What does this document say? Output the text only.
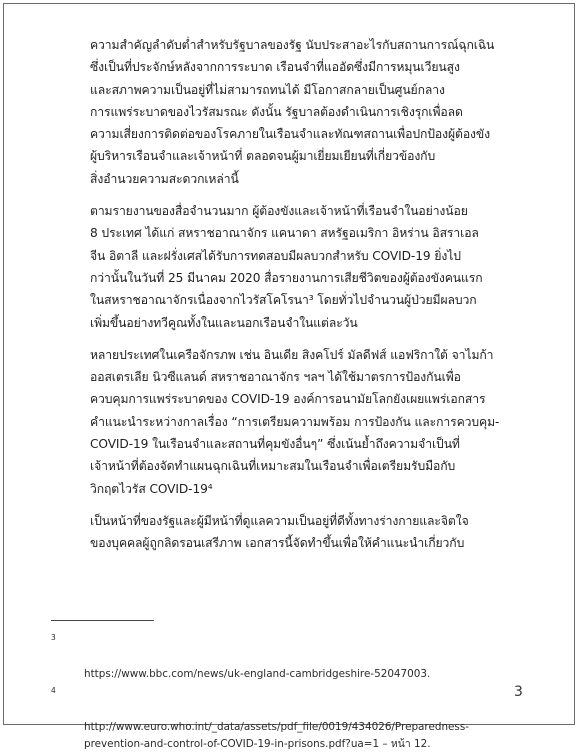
ความสำคัญลำดับต่ำสำหรับรัฐบาลของรัฐ นับประสาอะไรกับสถานการณ์ฉุกเฉิน
ซึ่งเป็นที่ประจักษ์หลังจากการระบาด เรือนจำที่แออัดซึ่งมีการหมุนเวียนสูง
และสภาพความเป็นอยู่ที่ไม่สามารถทนได้ มีโอกาสกลายเป็นศูนย์กลาง
การแพร่ระบาดของไวรัสมรณะ ดังนั้น รัฐบาลต้องดำเนินการเชิงรุกเพื่อลด
ความเสี่ยงการติดต่อของโรคภายในเรือนจำและทัณฑสถานเพื่อปกป้องผู้ต้องขัง
ผู้บริหารเรือนจำและเจ้าหน้าที่ ตลอดจนผู้มาเยี่ยมเยียนที่เกี่ยวข้องกับ
สิ่งอำนวยความสะดวกเหล่านี้

ตามรายงานของสื่อจำนวนมาก ผู้ต้องขังและเจ้าหน้าที่เรือนจำในอย่างน้อย
8 ประเทศ ได้แก่ สหราชอาณาจักร แคนาดา สหรัฐอเมริกา อิหร่าน อิสราเอล
จีน อิตาลี และฝรั่งเศสได้รับการทดสอบมีผลบวกสำหรับ COVID-19 ยิ่งไป
กว่านั้นในวันที่ 25 มีนาคม 2020 สื่อรายงานการเสียชีวิตของผู้ต้องขังคนแรก
ในสหราชอาณาจักรเนื่องจากไวรัสโคโรนา³ โดยทั่วไปจำนวนผู้ป่วยมีผลบวก
เพิ่มขึ้นอย่างทวีคูณทั้งในและนอกเรือนจำในแต่ละวัน

หลายประเทศในเครือจักรภพ เช่น อินเดีย สิงคโปร์ มัลดีฟส์ แอฟริกาใต้ จาไมก้า
ออสเตรเลีย นิวซีแลนด์ สหราชอาณาจักร ฯลฯ ได้ใช้มาตรการป้องกันเพื่อ
ควบคุมการแพร่ระบาดของ COVID-19 องค์การอนามัยโลกยังเผยแพร่เอกสาร
คำแนะนำระหว่างกาลเรื่อง “การเตรียมความพร้อม การป้องกัน และการควบคุม-
COVID-19 ในเรือนจำและสถานที่คุมขังอื่นๆ” ซึ่งเน้นย้ำถึงความจำเป็นที่
เจ้าหน้าที่ต้องจัดทำแผนฉุกเฉินที่เหมาะสมในเรือนจำเพื่อเตรียมรับมือกับ
วิกฤตไวรัส COVID-19⁴

เป็นหน้าที่ของรัฐและผู้มีหน้าที่ดูแลความเป็นอยู่ที่ดีทั้งทางร่างกายและจิตใจ
ของบุคคลผู้ถูกลิดรอนเสรีภาพ เอกสารนี้จัดทำขึ้นเพื่อให้คำแนะนำเกี่ยวกับ

3

https://www.bbc.com/news/uk-england-cambridgeshire-52047003.

4

http://www.euro.who.int/_data/assets/pdf_file/0019/434026/Preparedness-
prevention-and-control-of-COVID-19-in-prisons.pdf?ua=1 – หน้า 12.

3
